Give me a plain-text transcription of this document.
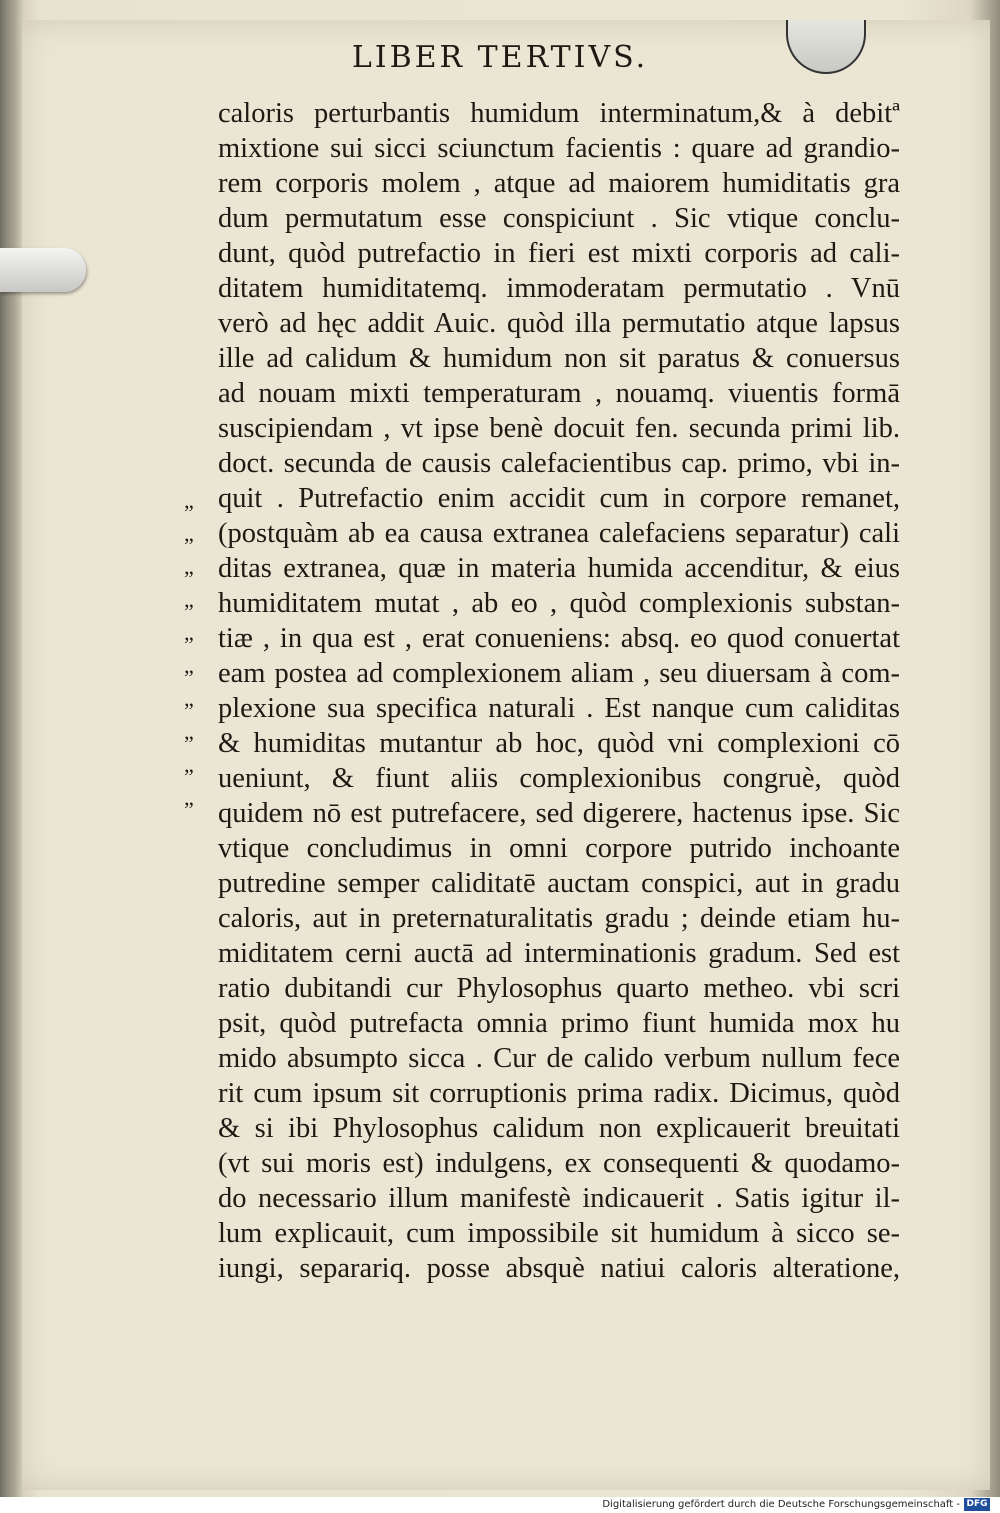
LIBER TERTIVS.
”
”
”
”
”
”
”
”
”
”
caloris perturbantis humidum interminatum,& à debitª
mixtione sui sicci sciunctum facientis : quare ad grandio-
rem corporis molem , atque ad maiorem humiditatis gra
dum permutatum esse conspiciunt . Sic vtique conclu-
dunt, quòd putrefactio in fieri est mixti corporis ad cali-
ditatem humiditatemq. immoderatam permutatio . Vnū
verò ad hęc addit Auic. quòd illa permutatio atque lapsus
ille ad calidum & humidum non sit paratus & conuersus
ad nouam mixti temperaturam , nouamq. viuentis formā
suscipiendam , vt ipse benè docuit fen. secunda primi lib.
doct. secunda de causis calefacientibus cap. primo, vbi in-
quit . Putrefactio enim accidit cum in corpore remanet,
(postquàm ab ea causa extranea calefaciens separatur) cali
ditas extranea, quæ in materia humida accenditur, & eius
humiditatem mutat , ab eo , quòd complexionis substan-
tiæ , in qua est , erat conueniens: absq. eo quod conuertat
eam postea ad complexionem aliam , seu diuersam à com-
plexione sua specifica naturali . Est nanque cum caliditas
& humiditas mutantur ab hoc, quòd vni complexioni cō
ueniunt, & fiunt aliis complexionibus congruè, quòd
quidem nō est putrefacere, sed digerere, hactenus ipse. Sic
vtique concludimus in omni corpore putrido inchoante
putredine semper caliditatē auctam conspici, aut in gradu
caloris, aut in preternaturalitatis gradu ; deinde etiam hu-
miditatem cerni auctā ad interminationis gradum. Sed est
ratio dubitandi cur Phylosophus quarto metheo. vbi scri
psit, quòd putrefacta omnia primo fiunt humida mox hu
mido absumpto sicca . Cur de calido verbum nullum fece
rit cum ipsum sit corruptionis prima radix. Dicimus, quòd
& si ibi Phylosophus calidum non explicauerit breuitati
(vt sui moris est) indulgens, ex consequenti & quodamo-
do necessario illum manifestè indicauerit . Satis igitur il-
lum explicauit, cum impossibile sit humidum à sicco se-
iungi, separariq. posse absquè natiui caloris alteratione,
Digitalisierung gefördert durch die Deutsche Forschungsgemeinschaft - DFG
